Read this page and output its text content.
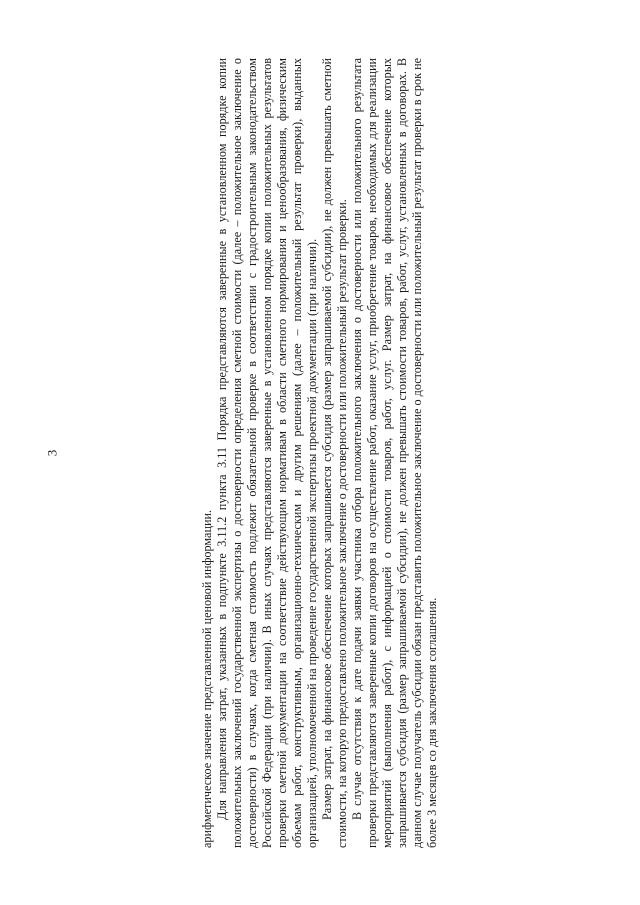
3

арифметическое значение представленной ценовой информации. Для направления затрат, указанных в подпункте 3.11.2 пункта 3.11 Порядка представляются заверенные в установленном порядке копии положительных заключений государственной экспертизы о достоверности определения сметной стоимости (далее – положительное заключение о достоверности) в случаях, когда сметная стоимость подлежит обязательной проверке в соответствии с градостроительным законодательством Российской Федерации (при наличии). В иных случаях представляются заверенные в установленном порядке копии положительных результатов проверки сметной документации на соответствие действующим нормативам в области сметного нормирования и ценообразования, физическим объемам работ, конструктивным, организационно-техническим и другим решениям (далее – положительный результат проверки), выданных организацией, уполномоченной на проведение государственной экспертизы проектной документации (при наличии). Размер затрат, на финансовое обеспечение которых запрашивается субсидия (размер запрашиваемой субсидии), не должен превышать сметной стоимости, на которую предоставлено положительное заключение о достоверности или положительный результат проверки. В случае отсутствия к дате подачи заявки участника отбора положительного заключения о достоверности или положительного результата проверки представляются заверенные копии договоров на осуществление работ, оказание услуг, приобретение товаров, необходимых для реализации мероприятий (выполнения работ), с информацией о стоимости товаров, работ, услуг. Размер затрат, на финансовое обеспечение которых запрашивается субсидия (размер запрашиваемой субсидии), не должен превышать стоимости товаров, работ, услуг, установленных в договорах. В данном случае получатель субсидии обязан представить положительное заключение о достоверности или положительный результат проверки в срок не более 3 месяцев со дня заключения соглашения.
